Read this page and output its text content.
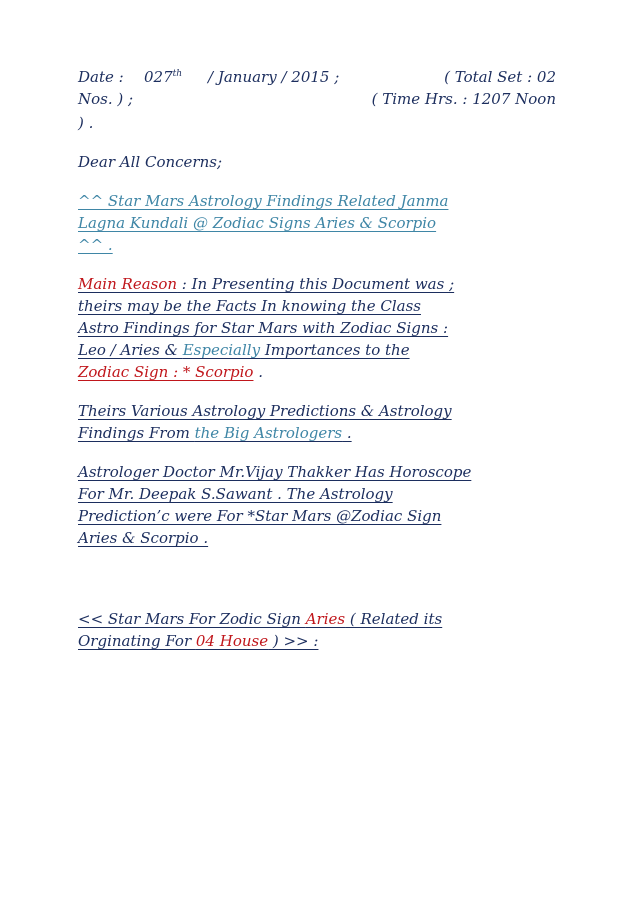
Date : 027th / January / 2015 ;	( Total Set : 02
Nos. ) ;	( Time Hrs. : 1207 Noon
) .
Dear All Concerns;
^^ Star Mars Astrology Findings Related Janma
Lagna Kundali @ Zodiac Signs Aries & Scorpio
^^ .
Main Reason : In Presenting this Document was ;
theirs may be the Facts In knowing the Class
Astro Findings for Star Mars with Zodiac Signs :
Leo / Aries & Especially Importances to the
Zodiac Sign : * Scorpio .
Theirs Various Astrology Predictions & Astrology
Findings From the Big Astrologers .
Astrologer Doctor Mr.Vijay Thakker Has Horoscope
For Mr. Deepak S.Sawant . The Astrology
Prediction’c were For *Star Mars @Zodiac Sign
Aries & Scorpio .
<< Star Mars For Zodic Sign Aries ( Related its
Orginating For 04 House ) >> :
